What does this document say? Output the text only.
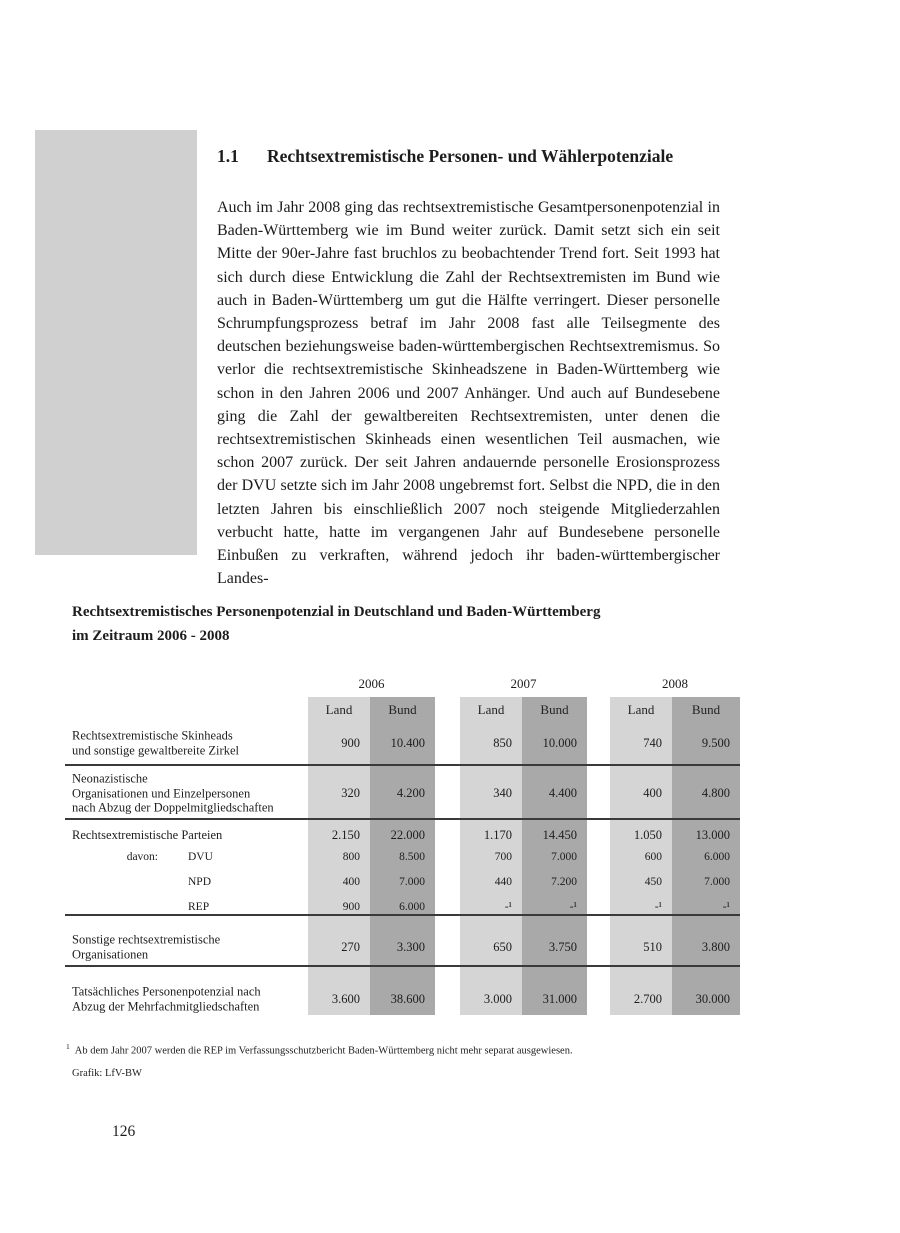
1.1	Rechtsextremistische Personen- und Wählerpotenziale
Auch im Jahr 2008 ging das rechtsextremistische Gesamtpersonenpotenzial in Baden-Württemberg wie im Bund weiter zurück. Damit setzt sich ein seit Mitte der 90er-Jahre fast bruchlos zu beobachtender Trend fort. Seit 1993 hat sich durch diese Entwicklung die Zahl der Rechtsextremisten im Bund wie auch in Baden-Württemberg um gut die Hälfte verringert. Dieser personelle Schrumpfungsprozess betraf im Jahr 2008 fast alle Teilsegmente des deutschen beziehungsweise baden-württembergischen Rechtsextremismus. So verlor die rechtsextremistische Skinheadszene in Baden-Württemberg wie schon in den Jahren 2006 und 2007 Anhänger. Und auch auf Bundesebene ging die Zahl der gewaltbereiten Rechtsextremisten, unter denen die rechtsextremistischen Skinheads einen wesentlichen Teil ausmachen, wie schon 2007 zurück. Der seit Jahren andauernde personelle Erosionsprozess der DVU setzte sich im Jahr 2008 ungebremst fort. Selbst die NPD, die in den letzten Jahren bis einschließlich 2007 noch steigende Mitgliederzahlen verbucht hatte, hatte im vergangenen Jahr auf Bundesebene personelle Einbußen zu verkraften, während jedoch ihr baden-württembergischer Landes-
Rechtsextremistisches Personenpotenzial in Deutschland und Baden-Württemberg
im Zeitraum 2006 - 2008
2006	2007	2008
Land	Bund	Land	Bund	Land	Bund
Rechtsextremistische Skinheads
und sonstige gewaltbereite Zirkel
900	10.400	850	10.000	740	9.500
Neonazistische
Organisationen und Einzelpersonen
nach Abzug der Doppelmitgliedschaften
320	4.200	340	4.400	400	4.800
Rechtsextremistische Parteien	2.150	22.000	1.170	14.450	1.050	13.000
davon:	DVU	800	8.500	700	7.000	600	6.000
NPD	400	7.000	440	7.200	450	7.000
REP	900	6.000	-¹	-¹	-¹	-¹
Sonstige rechtsextremistische
Organisationen
270	3.300	650	3.750	510	3.800
Tatsächliches Personenpotenzial nach
Abzug der Mehrfachmitgliedschaften
3.600	38.600	3.000	31.000	2.700	30.000
$^1$ Ab dem Jahr 2007 werden die REP im Verfassungsschutzbericht Baden-Württemberg nicht mehr separat ausgewiesen.
Grafik: LfV-BW
126
